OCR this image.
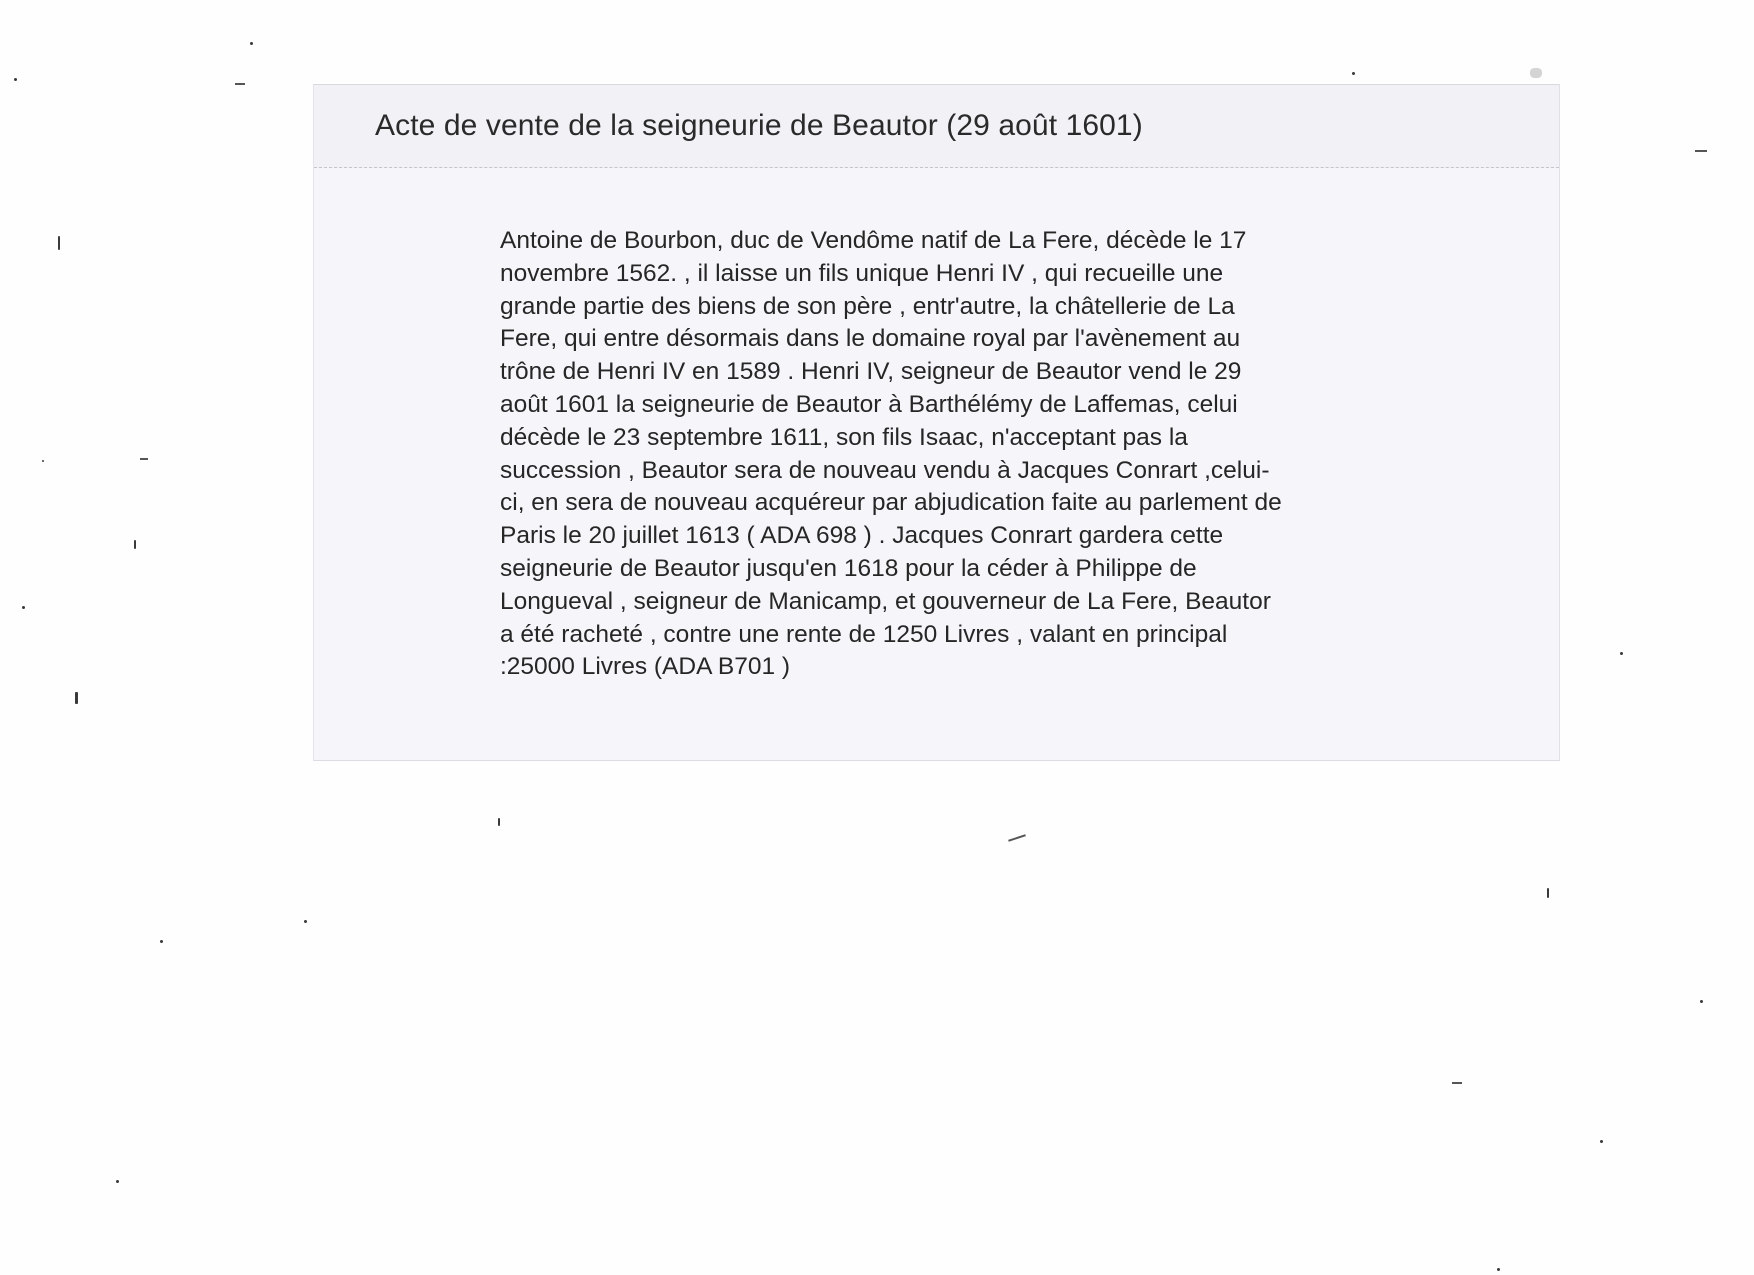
Acte de vente de la seigneurie de Beautor (29 août 1601)

Antoine de Bourbon, duc de Vendôme natif de La Fere, décède le 17
novembre 1562. , il laisse un fils unique Henri IV , qui recueille une
grande partie des biens de son père , entr'autre, la châtellerie de La
Fere, qui entre désormais dans le domaine royal par l'avènement au
trône de Henri IV en 1589 . Henri IV, seigneur de Beautor vend le 29
août 1601 la seigneurie de Beautor à Barthélémy de Laffemas, celui
décède le 23 septembre 1611, son fils Isaac, n'acceptant pas la
succession , Beautor sera de nouveau vendu à Jacques Conrart ,celui-
ci, en sera de nouveau acquéreur par abjudication faite au parlement de
Paris le 20 juillet 1613 ( ADA 698 ) . Jacques Conrart gardera cette
seigneurie de Beautor jusqu'en 1618 pour la céder à Philippe de
Longueval , seigneur de Manicamp, et gouverneur de La Fere, Beautor
a été racheté , contre une rente de 1250 Livres , valant en principal
:25000 Livres (ADA B701 )
